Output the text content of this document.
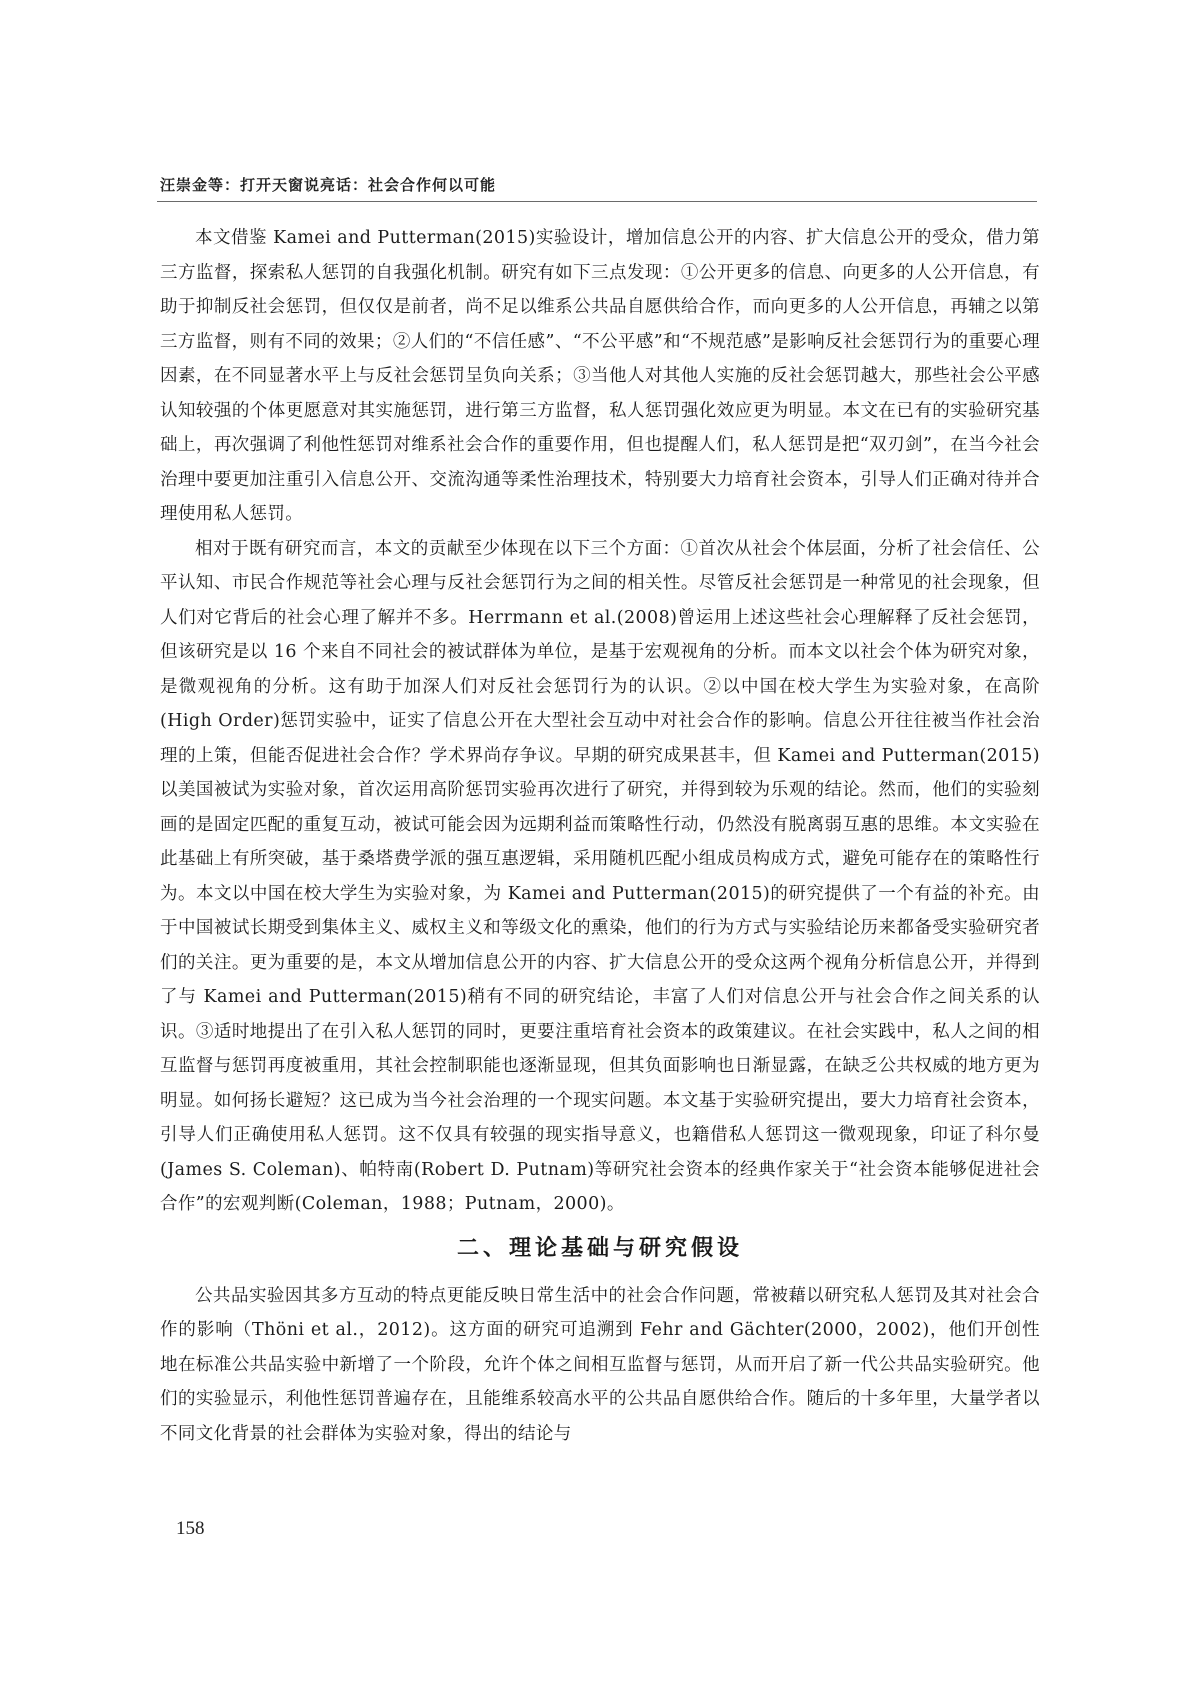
汪崇金等：打开天窗说亮话：社会合作何以可能

本文借鉴 Kamei and Putterman(2015)实验设计，增加信息公开的内容、扩大信息公开的受众，借力第三方监督，探索私人惩罚的自我强化机制。研究有如下三点发现：①公开更多的信息、向更多的人公开信息，有助于抑制反社会惩罚，但仅仅是前者，尚不足以维系公共品自愿供给合作，而向更多的人公开信息，再辅之以第三方监督，则有不同的效果；②人们的“不信任感”、“不公平感”和“不规范感”是影响反社会惩罚行为的重要心理因素，在不同显著水平上与反社会惩罚呈负向关系；③当他人对其他人实施的反社会惩罚越大，那些社会公平感认知较强的个体更愿意对其实施惩罚，进行第三方监督，私人惩罚强化效应更为明显。本文在已有的实验研究基础上，再次强调了利他性惩罚对维系社会合作的重要作用，但也提醒人们，私人惩罚是把“双刃剑”，在当今社会治理中要更加注重引入信息公开、交流沟通等柔性治理技术，特别要大力培育社会资本，引导人们正确对待并合理使用私人惩罚。

相对于既有研究而言，本文的贡献至少体现在以下三个方面：①首次从社会个体层面，分析了社会信任、公平认知、市民合作规范等社会心理与反社会惩罚行为之间的相关性。尽管反社会惩罚是一种常见的社会现象，但人们对它背后的社会心理了解并不多。Herrmann et al.(2008)曾运用上述这些社会心理解释了反社会惩罚，但该研究是以 16 个来自不同社会的被试群体为单位，是基于宏观视角的分析。而本文以社会个体为研究对象，是微观视角的分析。这有助于加深人们对反社会惩罚行为的认识。②以中国在校大学生为实验对象，在高阶(High Order)惩罚实验中，证实了信息公开在大型社会互动中对社会合作的影响。信息公开往往被当作社会治理的上策，但能否促进社会合作？学术界尚存争议。早期的研究成果甚丰，但 Kamei and Putterman(2015)以美国被试为实验对象，首次运用高阶惩罚实验再次进行了研究，并得到较为乐观的结论。然而，他们的实验刻画的是固定匹配的重复互动，被试可能会因为远期利益而策略性行动，仍然没有脱离弱互惠的思维。本文实验在此基础上有所突破，基于桑塔费学派的强互惠逻辑，采用随机匹配小组成员构成方式，避免可能存在的策略性行为。本文以中国在校大学生为实验对象，为 Kamei and Putterman(2015)的研究提供了一个有益的补充。由于中国被试长期受到集体主义、威权主义和等级文化的熏染，他们的行为方式与实验结论历来都备受实验研究者们的关注。更为重要的是，本文从增加信息公开的内容、扩大信息公开的受众这两个视角分析信息公开，并得到了与 Kamei and Putterman(2015)稍有不同的研究结论，丰富了人们对信息公开与社会合作之间关系的认识。③适时地提出了在引入私人惩罚的同时，更要注重培育社会资本的政策建议。在社会实践中，私人之间的相互监督与惩罚再度被重用，其社会控制职能也逐渐显现，但其负面影响也日渐显露，在缺乏公共权威的地方更为明显。如何扬长避短？这已成为当今社会治理的一个现实问题。本文基于实验研究提出，要大力培育社会资本，引导人们正确使用私人惩罚。这不仅具有较强的现实指导意义，也籍借私人惩罚这一微观现象，印证了科尔曼(James S. Coleman)、帕特南(Robert D. Putnam)等研究社会资本的经典作家关于“社会资本能够促进社会合作”的宏观判断(Coleman，1988；Putnam，2000)。

二、理论基础与研究假设

公共品实验因其多方互动的特点更能反映日常生活中的社会合作问题，常被藉以研究私人惩罚及其对社会合作的影响（Thöni et al.，2012)。这方面的研究可追溯到 Fehr and Gächter(2000，2002)，他们开创性地在标准公共品实验中新增了一个阶段，允许个体之间相互监督与惩罚，从而开启了新一代公共品实验研究。他们的实验显示，利他性惩罚普遍存在，且能维系较高水平的公共品自愿供给合作。随后的十多年里，大量学者以不同文化背景的社会群体为实验对象，得出的结论与

158
